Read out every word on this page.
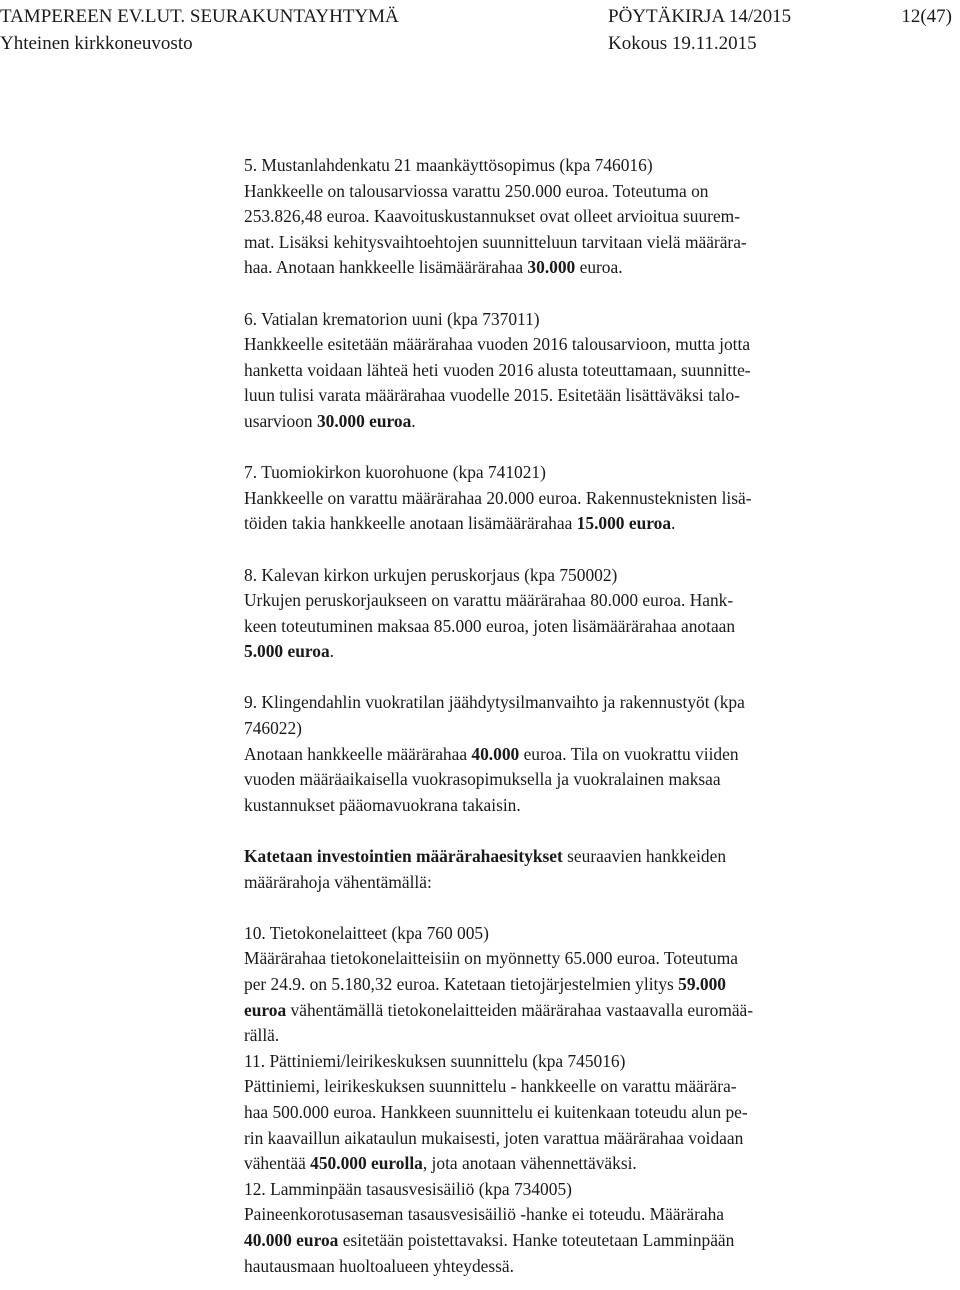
TAMPEREEN EV.LUT. SEURAKUNTAYHTYMÄ	PÖYTÄKIRJA 14/2015	12(47)
Yhteinen kirkkoneuvosto	Kokous 19.11.2015
5. Mustanlahdenkatu 21 maankäyttösopimus (kpa 746016)
Hankkeelle on talousarviossa varattu 250.000 euroa. Toteutuma on
253.826,48 euroa. Kaavoituskustannukset ovat olleet arvioitua suurem-
mat. Lisäksi kehitysvaihtoehtojen suunnitteluun tarvitaan vielä määrära-
haa. Anotaan hankkeelle lisämäärärahaa 30.000 euroa.
6. Vatialan krematorion uuni (kpa 737011)
Hankkeelle esitetään määrärahaa vuoden 2016 talousarvioon, mutta jotta
hanketta voidaan lähteä heti vuoden 2016 alusta toteuttamaan, suunnitte-
luun tulisi varata määrärahaa vuodelle 2015. Esitetään lisättäväksi talo-
usarvioon 30.000 euroa.
7. Tuomiokirkon kuorohuone (kpa 741021)
Hankkeelle on varattu määrärahaa 20.000 euroa. Rakennusteknisten lisä-
töiden takia hankkeelle anotaan lisämäärärahaa 15.000 euroa.
8. Kalevan kirkon urkujen peruskorjaus (kpa 750002)
Urkujen peruskorjaukseen on varattu määrärahaa 80.000 euroa. Hank-
keen toteutuminen maksaa 85.000 euroa, joten lisämäärärahaa anotaan
5.000 euroa.
9. Klingendahlin vuokratilan jäähdytysilmanvaihto ja rakennustyöt (kpa
746022)
Anotaan hankkeelle määrärahaa 40.000 euroa. Tila on vuokrattu viiden
vuoden määräaikaisella vuokrasopimuksella ja vuokralainen maksaa
kustannukset pääomavuokrana takaisin.
Katetaan investointien määrärahaesitykset seuraavien hankkeiden
määrärahoja vähentämällä:
10. Tietokonelaitteet (kpa 760 005)
Määrärahaa tietokonelaitteisiin on myönnetty 65.000 euroa. Toteutuma
per 24.9. on 5.180,32 euroa. Katetaan tietojärjestelmien ylitys 59.000
euroa vähentämällä tietokonelaitteiden määrärahaa vastaavalla euromää-
rällä.
11. Pättiniemi/leirikeskuksen suunnittelu (kpa 745016)
Pättiniemi, leirikeskuksen suunnittelu - hankkeelle on varattu määrära-
haa 500.000 euroa. Hankkeen suunnittelu ei kuitenkaan toteudu alun pe-
rin kaavaillun aikataulun mukaisesti, joten varattua määrärahaa voidaan
vähentää 450.000 eurolla, jota anotaan vähennettäväksi.
12. Lamminpään tasausvesisäiliö (kpa 734005)
Paineenkorotusaseman tasausvesisäiliö -hanke ei toteudu. Määräraha
40.000 euroa esitetään poistettavaksi. Hanke toteutetaan Lamminpään
hautausmaan huoltoalueen yhteydessä.
